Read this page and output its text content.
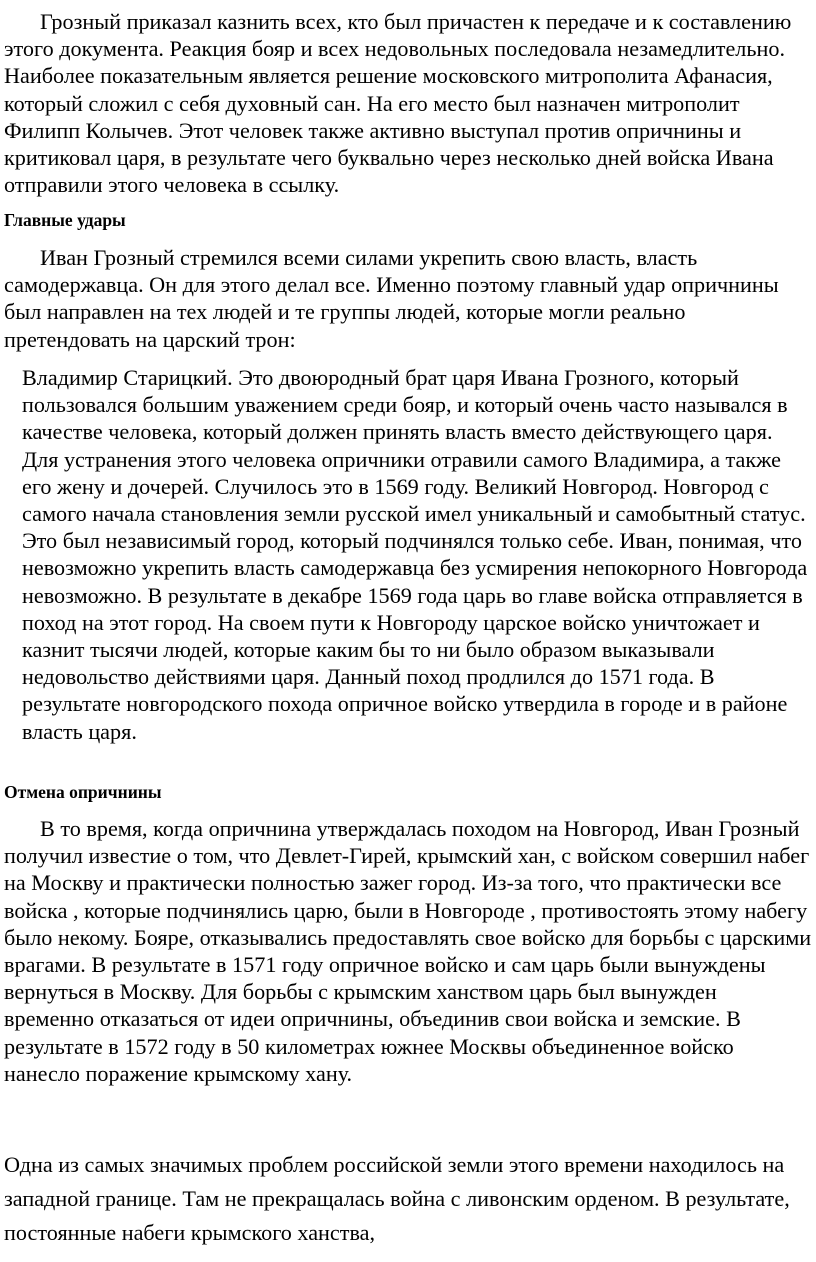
Грозный приказал казнить всех, кто был причастен к передаче и к составлению этого документа. Реакция бояр и всех недовольных последовала незамедлительно. Наиболее показательным является решение московского митрополита Афанасия, который сложил с себя духовный сан. На его место был назначен митрополит Филипп Колычев. Этот человек также активно выступал против опричнины и критиковал царя, в результате чего буквально через несколько дней войска Ивана отправили этого человека в ссылку.

Главные удары

Иван Грозный стремился всеми силами укрепить свою власть, власть самодержавца. Он для этого делал все. Именно поэтому главный удар опричнины был направлен на тех людей и те группы людей, которые могли реально претендовать на царский трон:

Владимир Старицкий. Это двоюродный брат царя Ивана Грозного, который пользовался большим уважением среди бояр, и который очень часто назывался в качестве человека, который должен принять власть вместо действующего царя. Для устранения этого человека опричники отравили самого Владимира, а также его жену и дочерей. Случилось это в 1569 году. Великий Новгород. Новгород с самого начала становления земли русской имел уникальный и самобытный статус. Это был независимый город, который подчинялся только себе. Иван, понимая, что невозможно укрепить власть самодержавца без усмирения непокорного Новгорода невозможно. В результате в декабре 1569 года царь во главе войска отправляется в поход на этот город. На своем пути к Новгороду царское войско уничтожает и казнит тысячи людей, которые каким бы то ни было образом выказывали недовольство действиями царя. Данный поход продлился до 1571 года. В результате новгородского похода опричное войско утвердила в городе и в районе власть царя.

Отмена опричнины

В то время, когда опричнина утверждалась походом на Новгород, Иван Грозный получил известие о том, что Девлет-Гирей, крымский хан, с войском совершил набег на Москву и практически полностью зажег город. Из-за того, что практически все войска , которые подчинялись царю, были в Новгороде , противостоять этому набегу было некому. Бояре, отказывались предоставлять свое войско для борьбы с царскими врагами. В результате в 1571 году опричное войско и сам царь были вынуждены вернуться в Москву. Для борьбы с крымским ханством царь был вынужден временно отказаться от идеи опричнины, объединив свои войска и земские. В результате в 1572 году в 50 километрах южнее Москвы объединенное войско нанесло поражение крымскому хану.

Одна из самых значимых проблем российской земли этого времени находилось на западной границе. Там не прекращалась война с ливонским орденом. В результате, постоянные набеги крымского ханства,
